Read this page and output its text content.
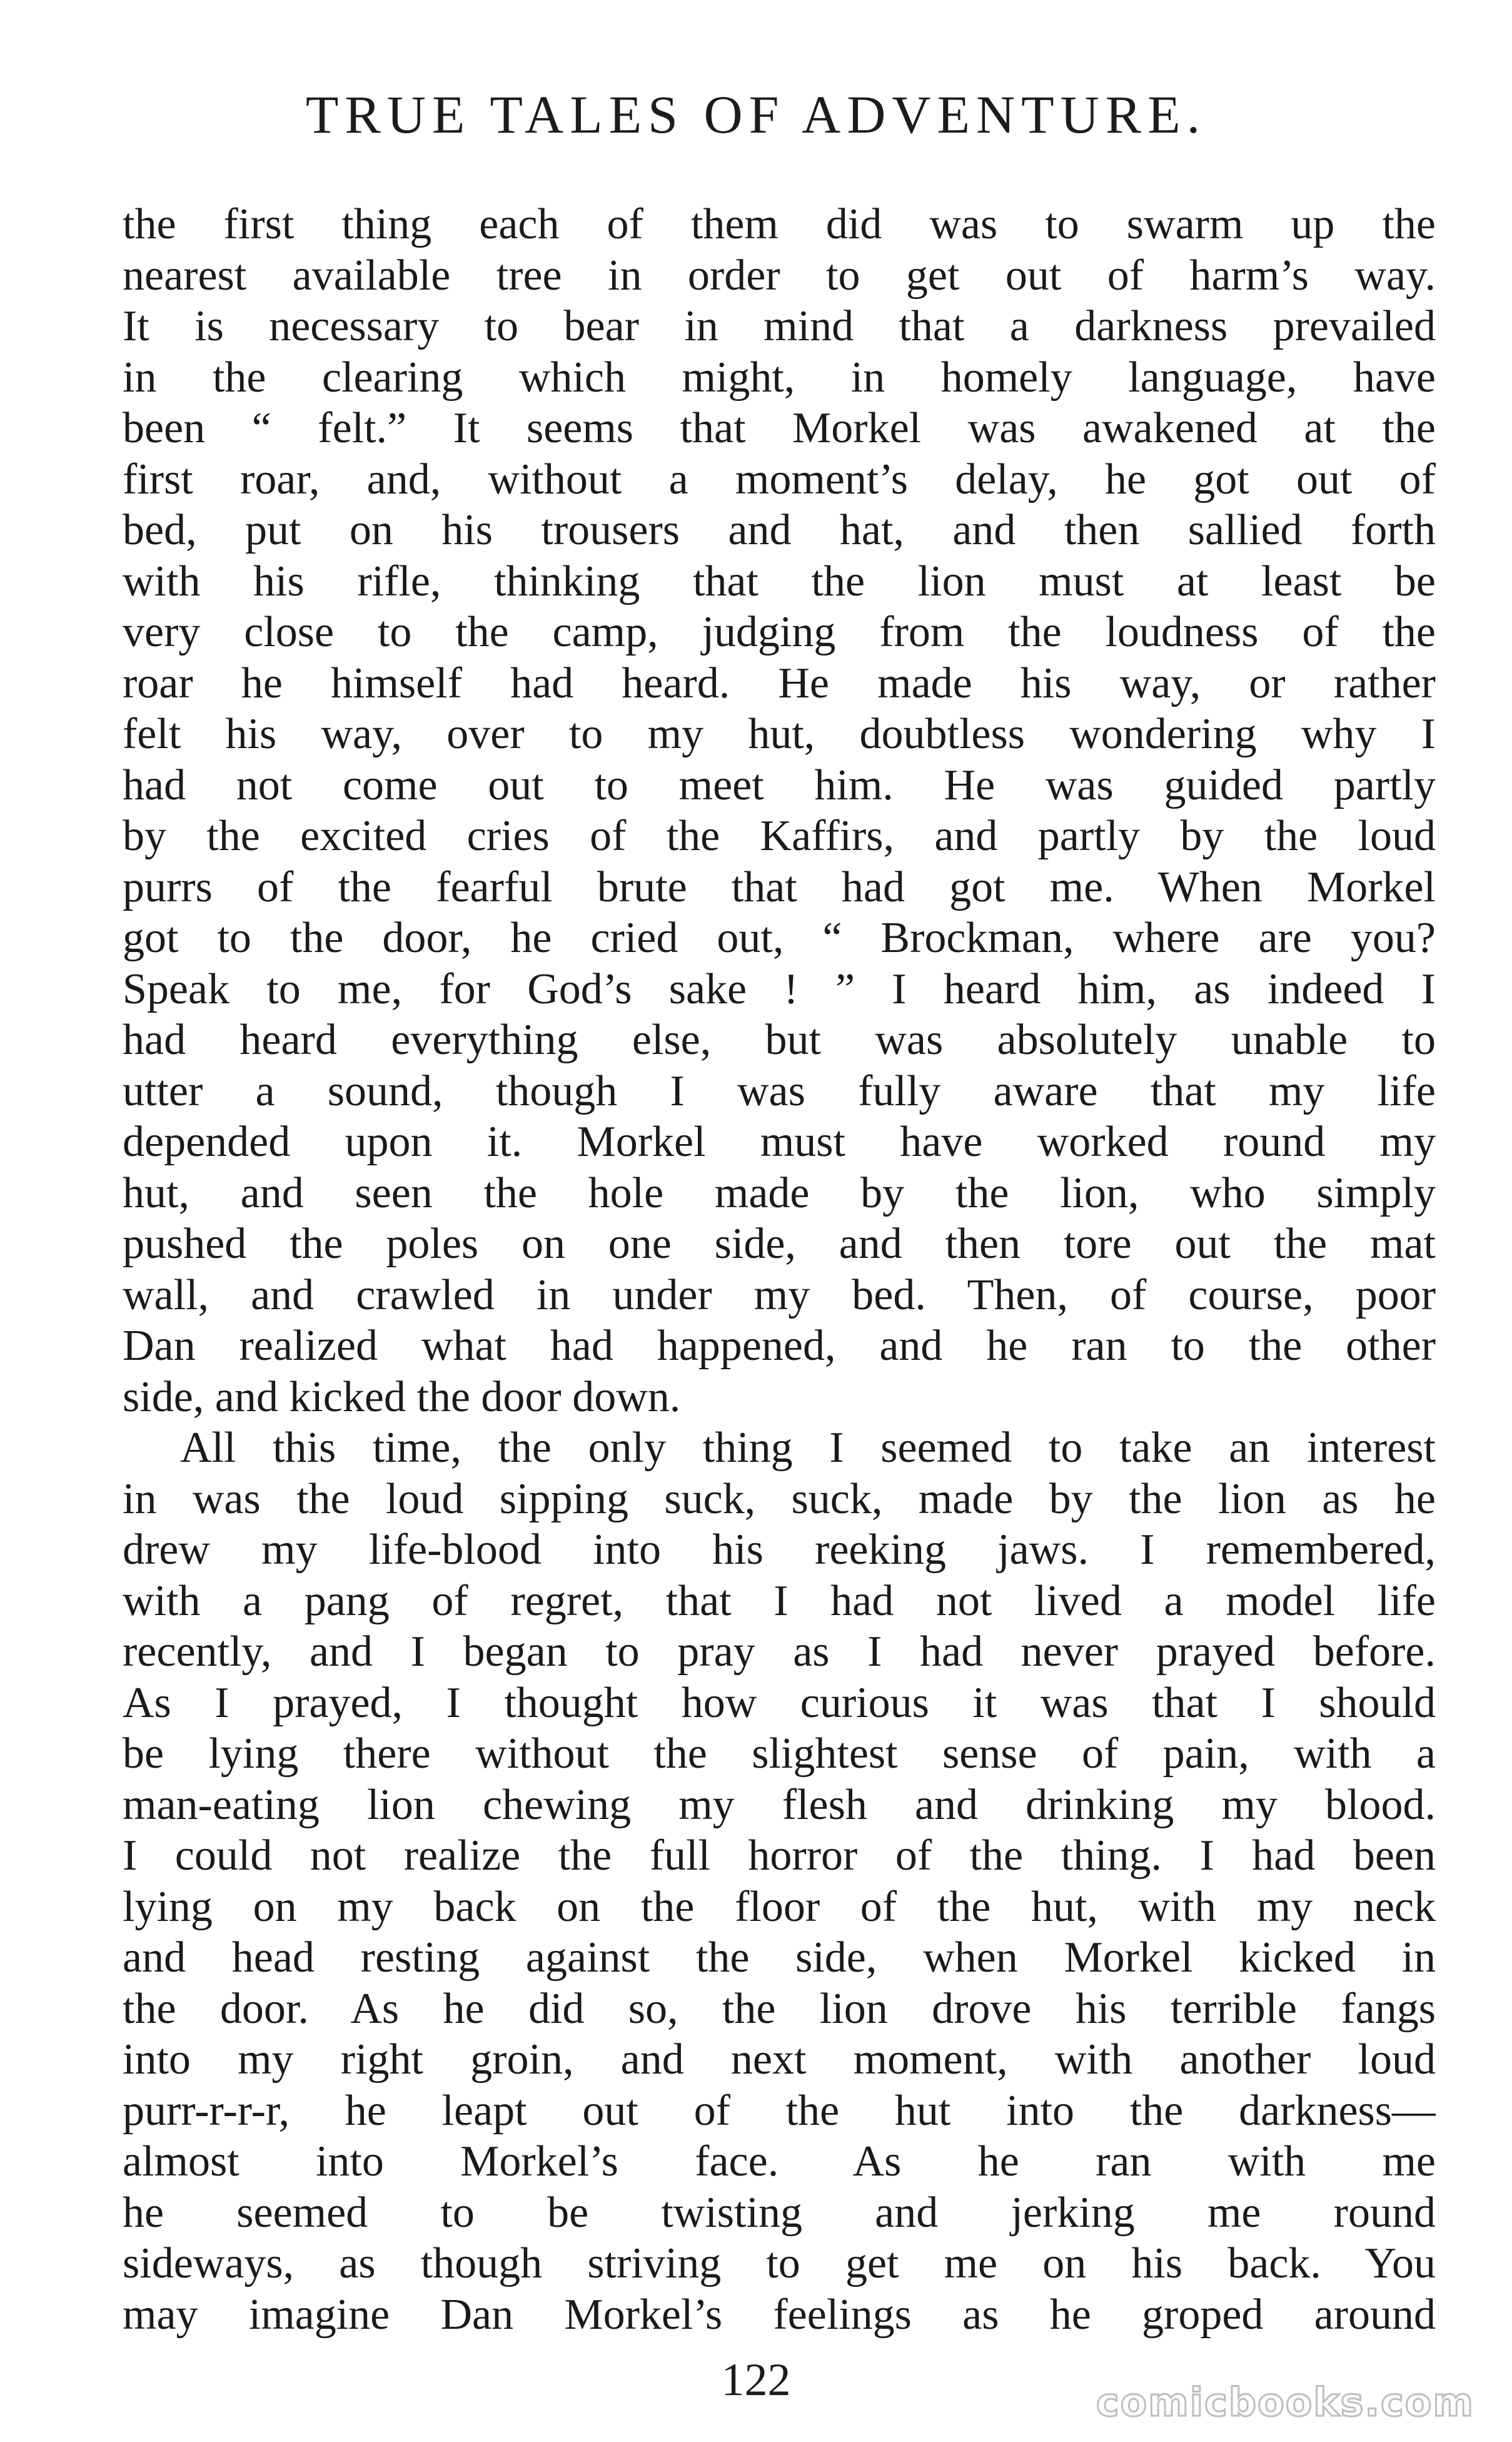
TRUE TALES OF ADVENTURE.
the first thing each of them did was to swarm up the
nearest available tree in order to get out of harm’s way.
It is necessary to bear in mind that a darkness prevailed
in the clearing which might, in homely language, have
been “ felt.” It seems that Morkel was awakened at the
first roar, and, without a moment’s delay, he got out of
bed, put on his trousers and hat, and then sallied forth
with his rifle, thinking that the lion must at least be
very close to the camp, judging from the loudness of the
roar he himself had heard. He made his way, or rather
felt his way, over to my hut, doubtless wondering why I
had not come out to meet him. He was guided partly
by the excited cries of the Kaffirs, and partly by the loud
purrs of the fearful brute that had got me. When Morkel
got to the door, he cried out, “ Brockman, where are you?
Speak to me, for God’s sake ! ” I heard him, as indeed I
had heard everything else, but was absolutely unable to
utter a sound, though I was fully aware that my life
depended upon it. Morkel must have worked round my
hut, and seen the hole made by the lion, who simply
pushed the poles on one side, and then tore out the mat
wall, and crawled in under my bed. Then, of course, poor
Dan realized what had happened, and he ran to the other
side, and kicked the door down.
All this time, the only thing I seemed to take an interest
in was the loud sipping suck, suck, made by the lion as he
drew my life-blood into his reeking jaws. I remembered,
with a pang of regret, that I had not lived a model life
recently, and I began to pray as I had never prayed before.
As I prayed, I thought how curious it was that I should
be lying there without the slightest sense of pain, with a
man-eating lion chewing my flesh and drinking my blood.
I could not realize the full horror of the thing. I had been
lying on my back on the floor of the hut, with my neck
and head resting against the side, when Morkel kicked in
the door. As he did so, the lion drove his terrible fangs
into my right groin, and next moment, with another loud
purr-r-r-r, he leapt out of the hut into the darkness—
almost into Morkel’s face. As he ran with me
he seemed to be twisting and jerking me round
sideways, as though striving to get me on his back. You
may imagine Dan Morkel’s feelings as he groped around
122	comicbooks.com
